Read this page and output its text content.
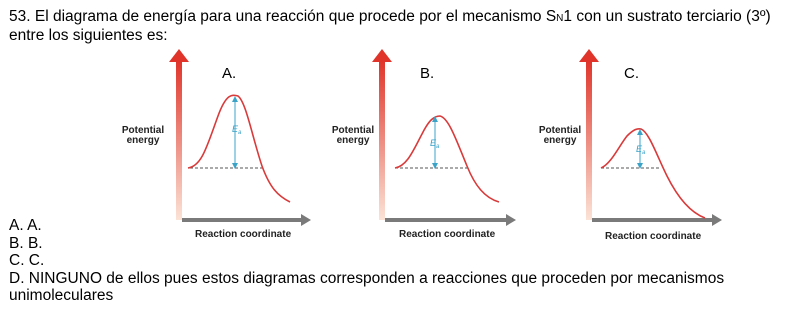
53. El diagrama de energía para una reacción que procede por el mecanismo SN1 con un sustrato terciario (3º) entre los siguientes es:
$E_a$
Potential
energy
Reaction coordinate
A.
$E_a$
Potential
energy
Reaction coordinate
B.
$E_a$
Potential
energy
Reaction coordinate
C.
A. A.
B. B.
C. C.
D. NINGUNO de ellos pues estos diagramas corresponden a reacciones que proceden por mecanismos unimoleculares
